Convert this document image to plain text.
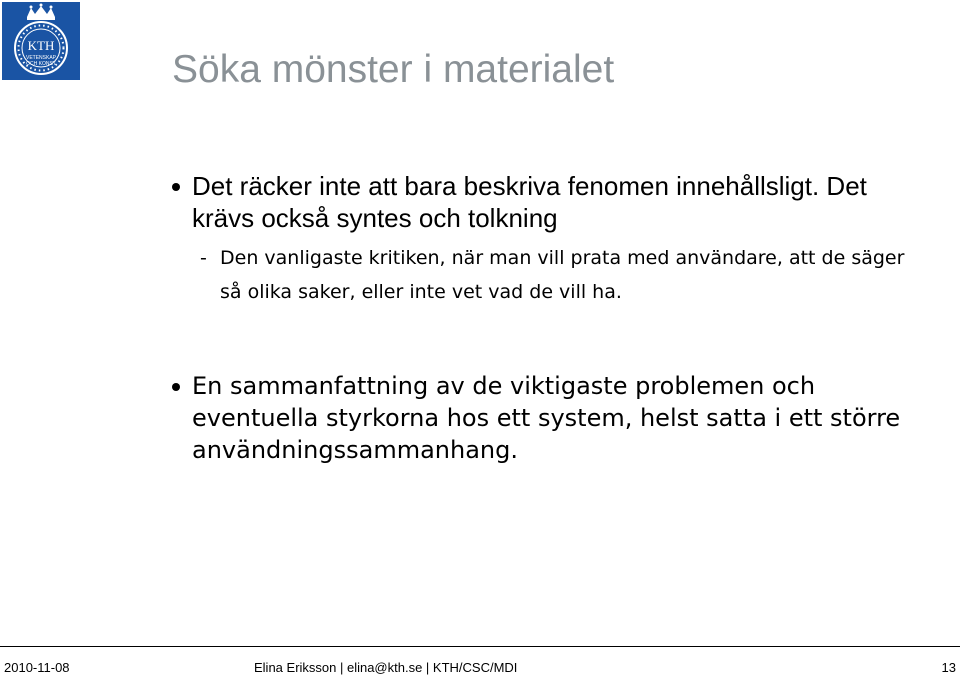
KTH
VETENSKAP
OCH KONST	Söka mönster i materialet
Det räcker inte att bara beskriva fenomen innehållsligt. Det krävs också syntes och tolkning
- Den vanligaste kritiken, när man vill prata med användare, att de säger så olika saker, eller inte vet vad de vill ha.
En sammanfattning av de viktigaste problemen och eventuella styrkorna hos ett system, helst satta i ett större användningssammanhang.
2010-11-08	Elina Eriksson | elina@kth.se | KTH/CSC/MDI	13
